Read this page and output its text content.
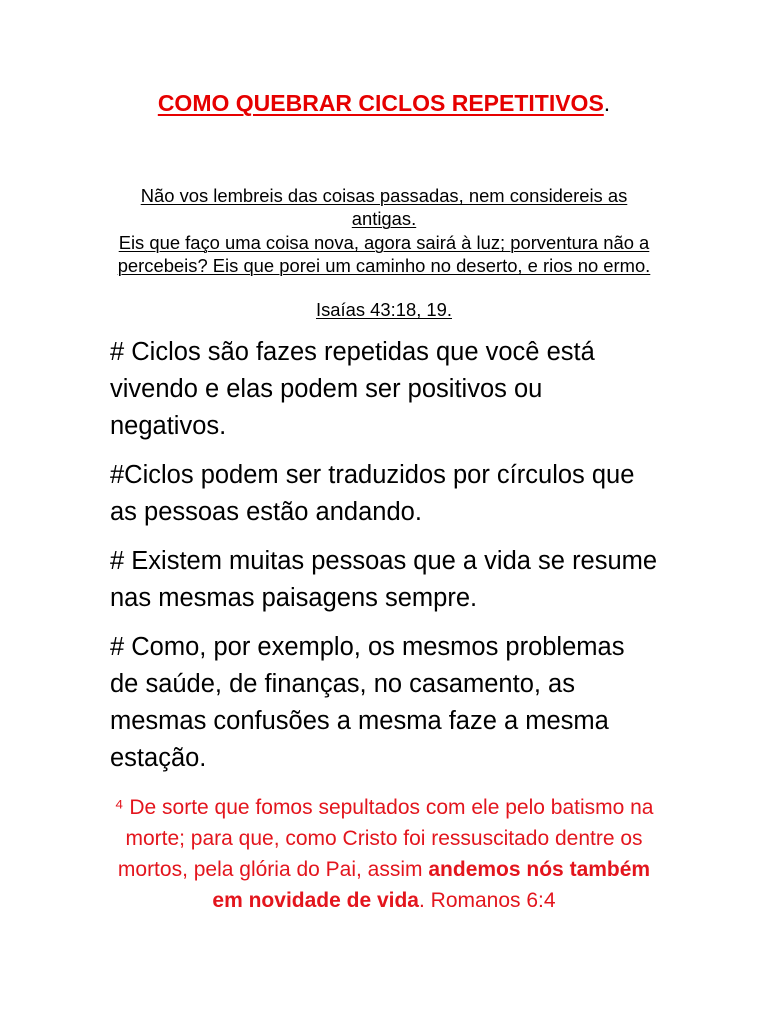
COMO QUEBRAR CICLOS REPETITIVOS.
Não vos lembreis das coisas passadas, nem considereis as
antigas.
Eis que faço uma coisa nova, agora sairá à luz; porventura não a
percebeis? Eis que porei um caminho no deserto, e rios no ermo.
Isaías 43:18, 19.
# Ciclos são fazes repetidas que você está
vivendo e elas podem ser positivos ou
negativos.
#Ciclos podem ser traduzidos por círculos que
as pessoas estão andando.
# Existem muitas pessoas que a vida se resume
nas mesmas paisagens sempre.
# Como, por exemplo, os mesmos problemas
de saúde, de finanças, no casamento, as
mesmas confusões a mesma faze a mesma
estação.
⁴ De sorte que fomos sepultados com ele pelo batismo na
morte; para que, como Cristo foi ressuscitado dentre os
mortos, pela glória do Pai, assim andemos nós também
em novidade de vida. Romanos 6:4
